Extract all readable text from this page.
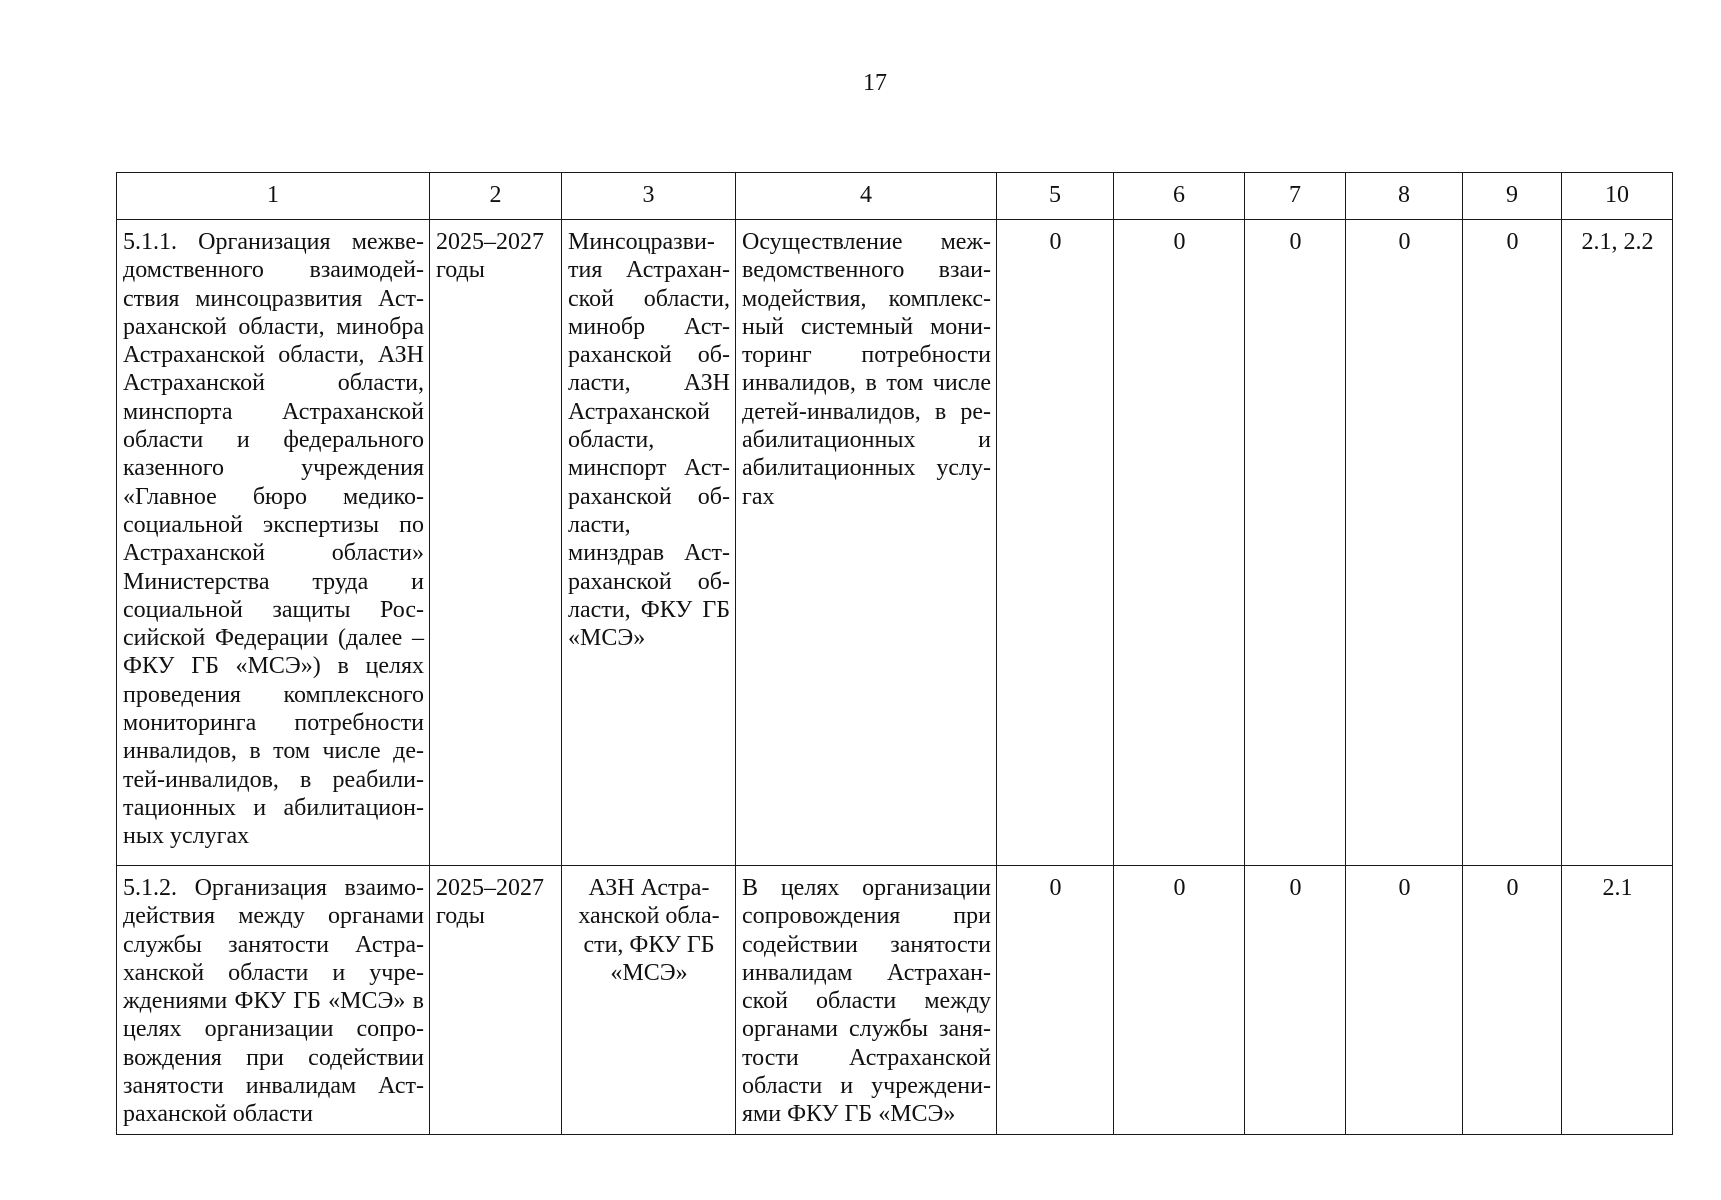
17
1	2	3	4	5	6	7	8	9	10
5.1.1. Организация межведомственного взаимодействия минсоцразвития Астраханской области, минобра Астраханской области, АЗН Астраханской области, минспорта Астраханской области и федерального казенного учреждения «Главное бюро медико-социальной экспертизы по Астраханской области» Министерства труда и социальной защиты Российской Федерации (далее – ФКУ ГБ «МСЭ») в целях проведения комплексного мониторинга потребности инвалидов, в том числе детей-инвалидов, в реабилитационных и абилитационных услугах	2025–2027 годы	Минсоцразвития Астраханской области, минобр Астраханской области, АЗН Астраханской области, минспорт Астраханской области, минздрав Астраханской области, ФКУ ГБ «МСЭ»	Осуществление межведомственного взаимодействия, комплексный системный мониторинг потребности инвалидов, в том числе детей-инвалидов, в реабилитационных и абилитационных услугах	0	0	0	0	0	2.1, 2.2
5.1.2. Организация взаимодействия между органами службы занятости Астраханской области и учреждениями ФКУ ГБ «МСЭ» в целях организации сопровождения при содействии занятости инвалидам Астраханской области	2025–2027 годы	АЗН Астраханской области, ФКУ ГБ «МСЭ»	В целях организации сопровождения при содействии занятости инвалидам Астраханской области между органами службы занятости Астраханской области и учреждениями ФКУ ГБ «МСЭ»	0	0	0	0	0	2.1
